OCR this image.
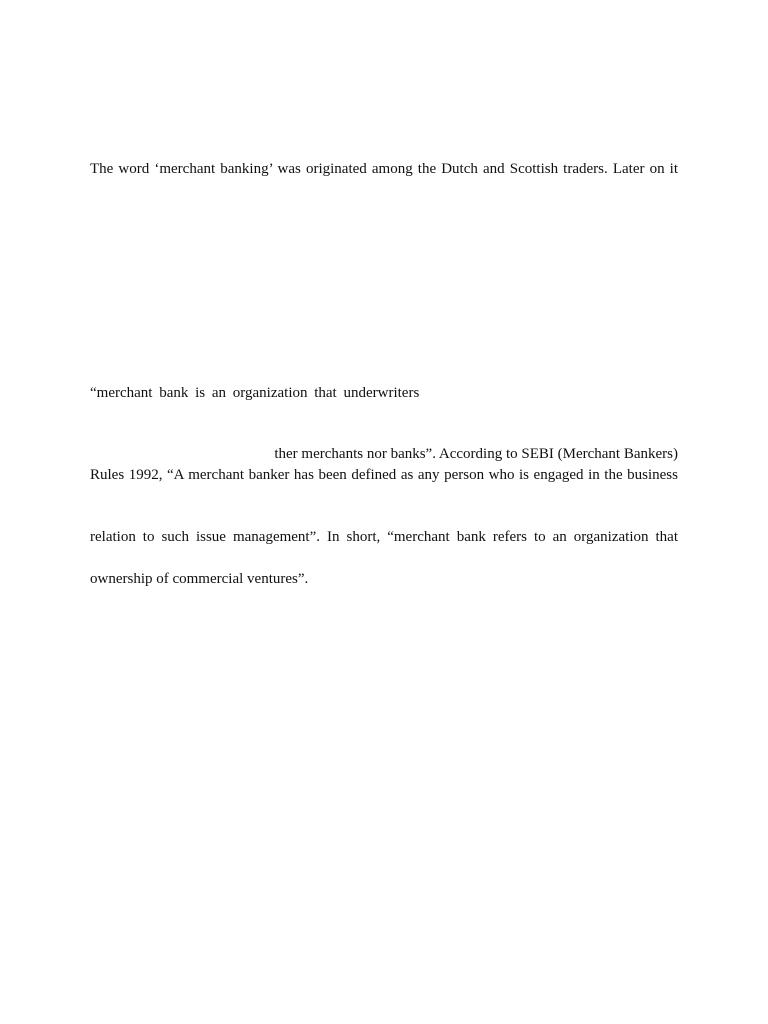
The word ‘merchant banking’ was originated among the Dutch and Scottish traders. Later on it
“merchant bank is an organization that underwriters
ther merchants nor banks”. According to SEBI (Merchant Bankers)
Rules 1992, “A merchant banker has been defined as any person who is engaged in the business
relation to such issue management”. In short, “merchant bank refers to an organization that
ownership of commercial ventures”.
